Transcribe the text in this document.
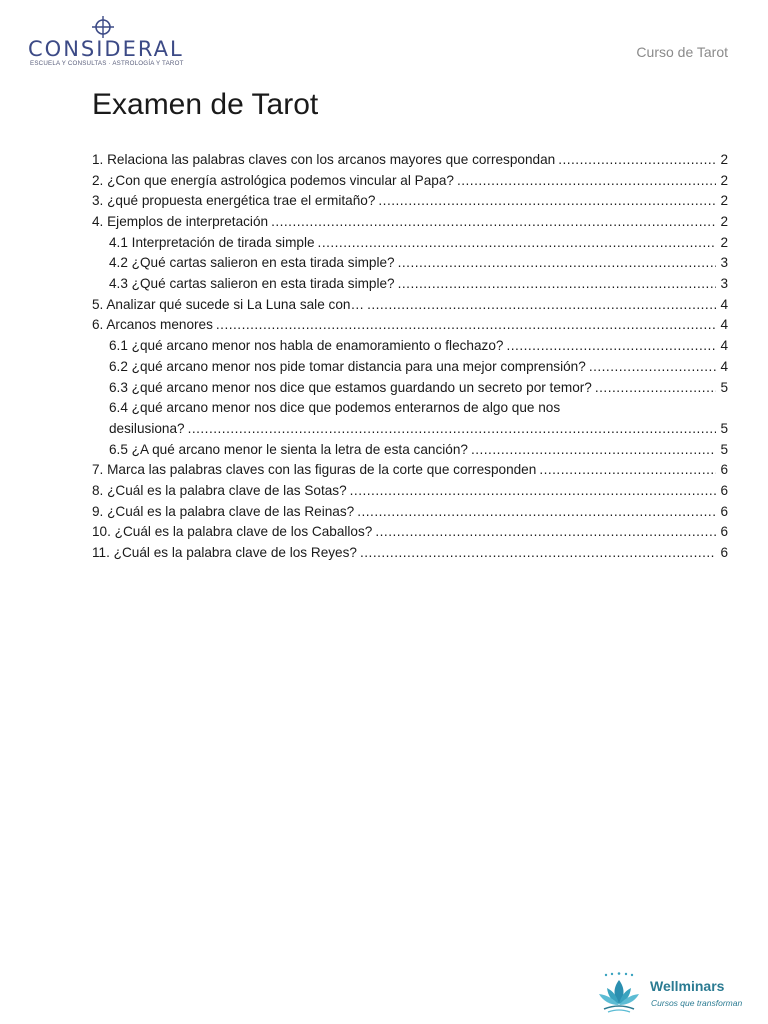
CONSIDERAL
ESCUELA Y CONSULTAS · ASTROLOGÍA Y TAROT
Curso de Tarot
Examen de Tarot
1. Relaciona las palabras claves con los arcanos mayores que correspondan .....	2
2. ¿Con que energía astrológica podemos vincular al Papa? .....	2
3. ¿qué propuesta energética trae el ermitaño? .....	2
4. Ejemplos de interpretación .....	2
4.1 Interpretación de tirada simple .....	2
4.2 ¿Qué cartas salieron en esta tirada simple? .....	3
4.3 ¿Qué cartas salieron en esta tirada simple? .....	3
5. Analizar qué sucede si La Luna sale con… .....	4
6. Arcanos menores .....	4
6.1 ¿qué arcano menor nos habla de enamoramiento o flechazo? .....	4
6.2 ¿qué arcano menor nos pide tomar distancia para una mejor comprensión? .....	4
6.3 ¿qué arcano menor nos dice que estamos guardando un secreto por temor? .....	5
6.4 ¿qué arcano menor nos dice que podemos enterarnos de algo que nos
desilusiona? .....	5
6.5 ¿A qué arcano menor le sienta la letra de esta canción? .....	5
7. Marca las palabras claves con las figuras de la corte que corresponden .....	6
8. ¿Cuál es la palabra clave de las Sotas? .....	6
9. ¿Cuál es la palabra clave de las Reinas? .....	6
10. ¿Cuál es la palabra clave de los Caballos? .....	6
11. ¿Cuál es la palabra clave de los Reyes? .....	6
Wellminars
Cursos que transforman
